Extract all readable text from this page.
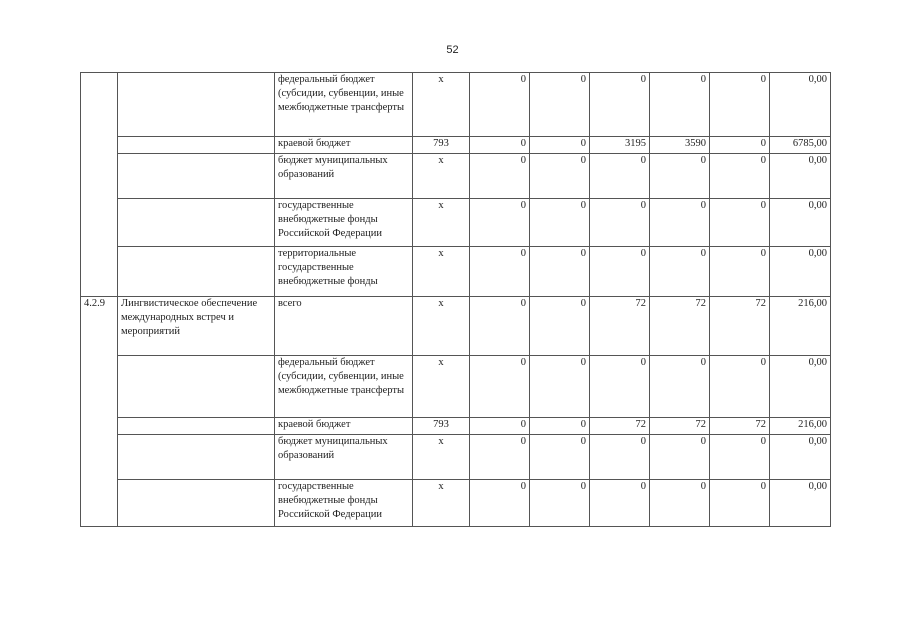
52
		федеральный бюджет (субсидии, субвенции, иные межбюджетные трансферты	x	0	0	0	0	0	0,00
		краевой бюджет	793	0	0	3195	3590	0	6785,00
		бюджет муниципальных образований	x	0	0	0	0	0	0,00
		государственные внебюджетные фонды Российской Федерации	x	0	0	0	0	0	0,00
		территориальные государственные внебюджетные фонды	x	0	0	0	0	0	0,00
4.2.9	Лингвистическое обеспечение международных встреч и мероприятий	всего	x	0	0	72	72	72	216,00
		федеральный бюджет (субсидии, субвенции, иные межбюджетные трансферты	x	0	0	0	0	0	0,00
		краевой бюджет	793	0	0	72	72	72	216,00
		бюджет муниципальных образований	x	0	0	0	0	0	0,00
		государственные внебюджетные фонды Российской Федерации	x	0	0	0	0	0	0,00
